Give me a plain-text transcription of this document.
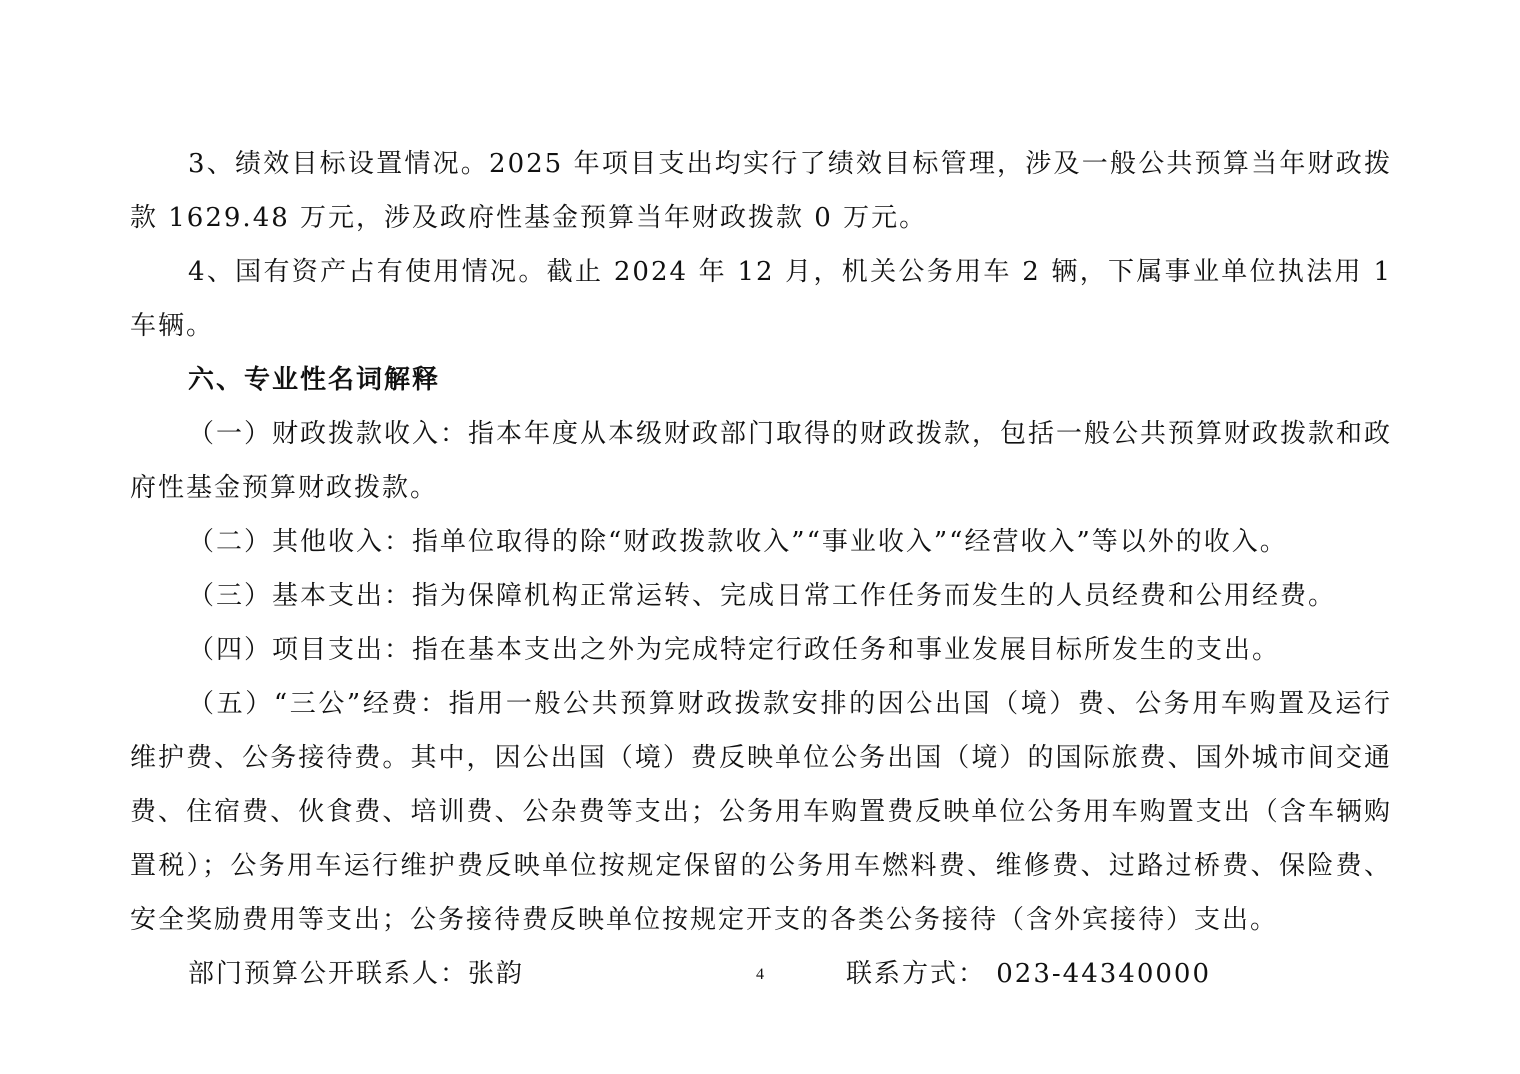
3、绩效目标设置情况。2025 年项目支出均实行了绩效目标管理，涉及一般公共预算当年财政拨款 1629.48 万元，涉及政府性基金预算当年财政拨款 0 万元。

4、国有资产占有使用情况。截止 2024 年 12 月，机关公务用车 2 辆，下属事业单位执法用 1 车辆。

六、专业性名词解释

（一）财政拨款收入：指本年度从本级财政部门取得的财政拨款，包括一般公共预算财政拨款和政府性基金预算财政拨款。

（二）其他收入：指单位取得的除“财政拨款收入”“事业收入”“经营收入”等以外的收入。

（三）基本支出：指为保障机构正常运转、完成日常工作任务而发生的人员经费和公用经费。

（四）项目支出：指在基本支出之外为完成特定行政任务和事业发展目标所发生的支出。

（五）“三公”经费：指用一般公共预算财政拨款安排的因公出国（境）费、公务用车购置及运行维护费、公务接待费。其中，因公出国（境）费反映单位公务出国（境）的国际旅费、国外城市间交通费、住宿费、伙食费、培训费、公杂费等支出；公务用车购置费反映单位公务用车购置支出（含车辆购置税）；公务用车运行维护费反映单位按规定保留的公务用车燃料费、维修费、过路过桥费、保险费、安全奖励费用等支出；公务接待费反映单位按规定开支的各类公务接待（含外宾接待）支出。

部门预算公开联系人：张韵	联系方式： 023-44340000
4
